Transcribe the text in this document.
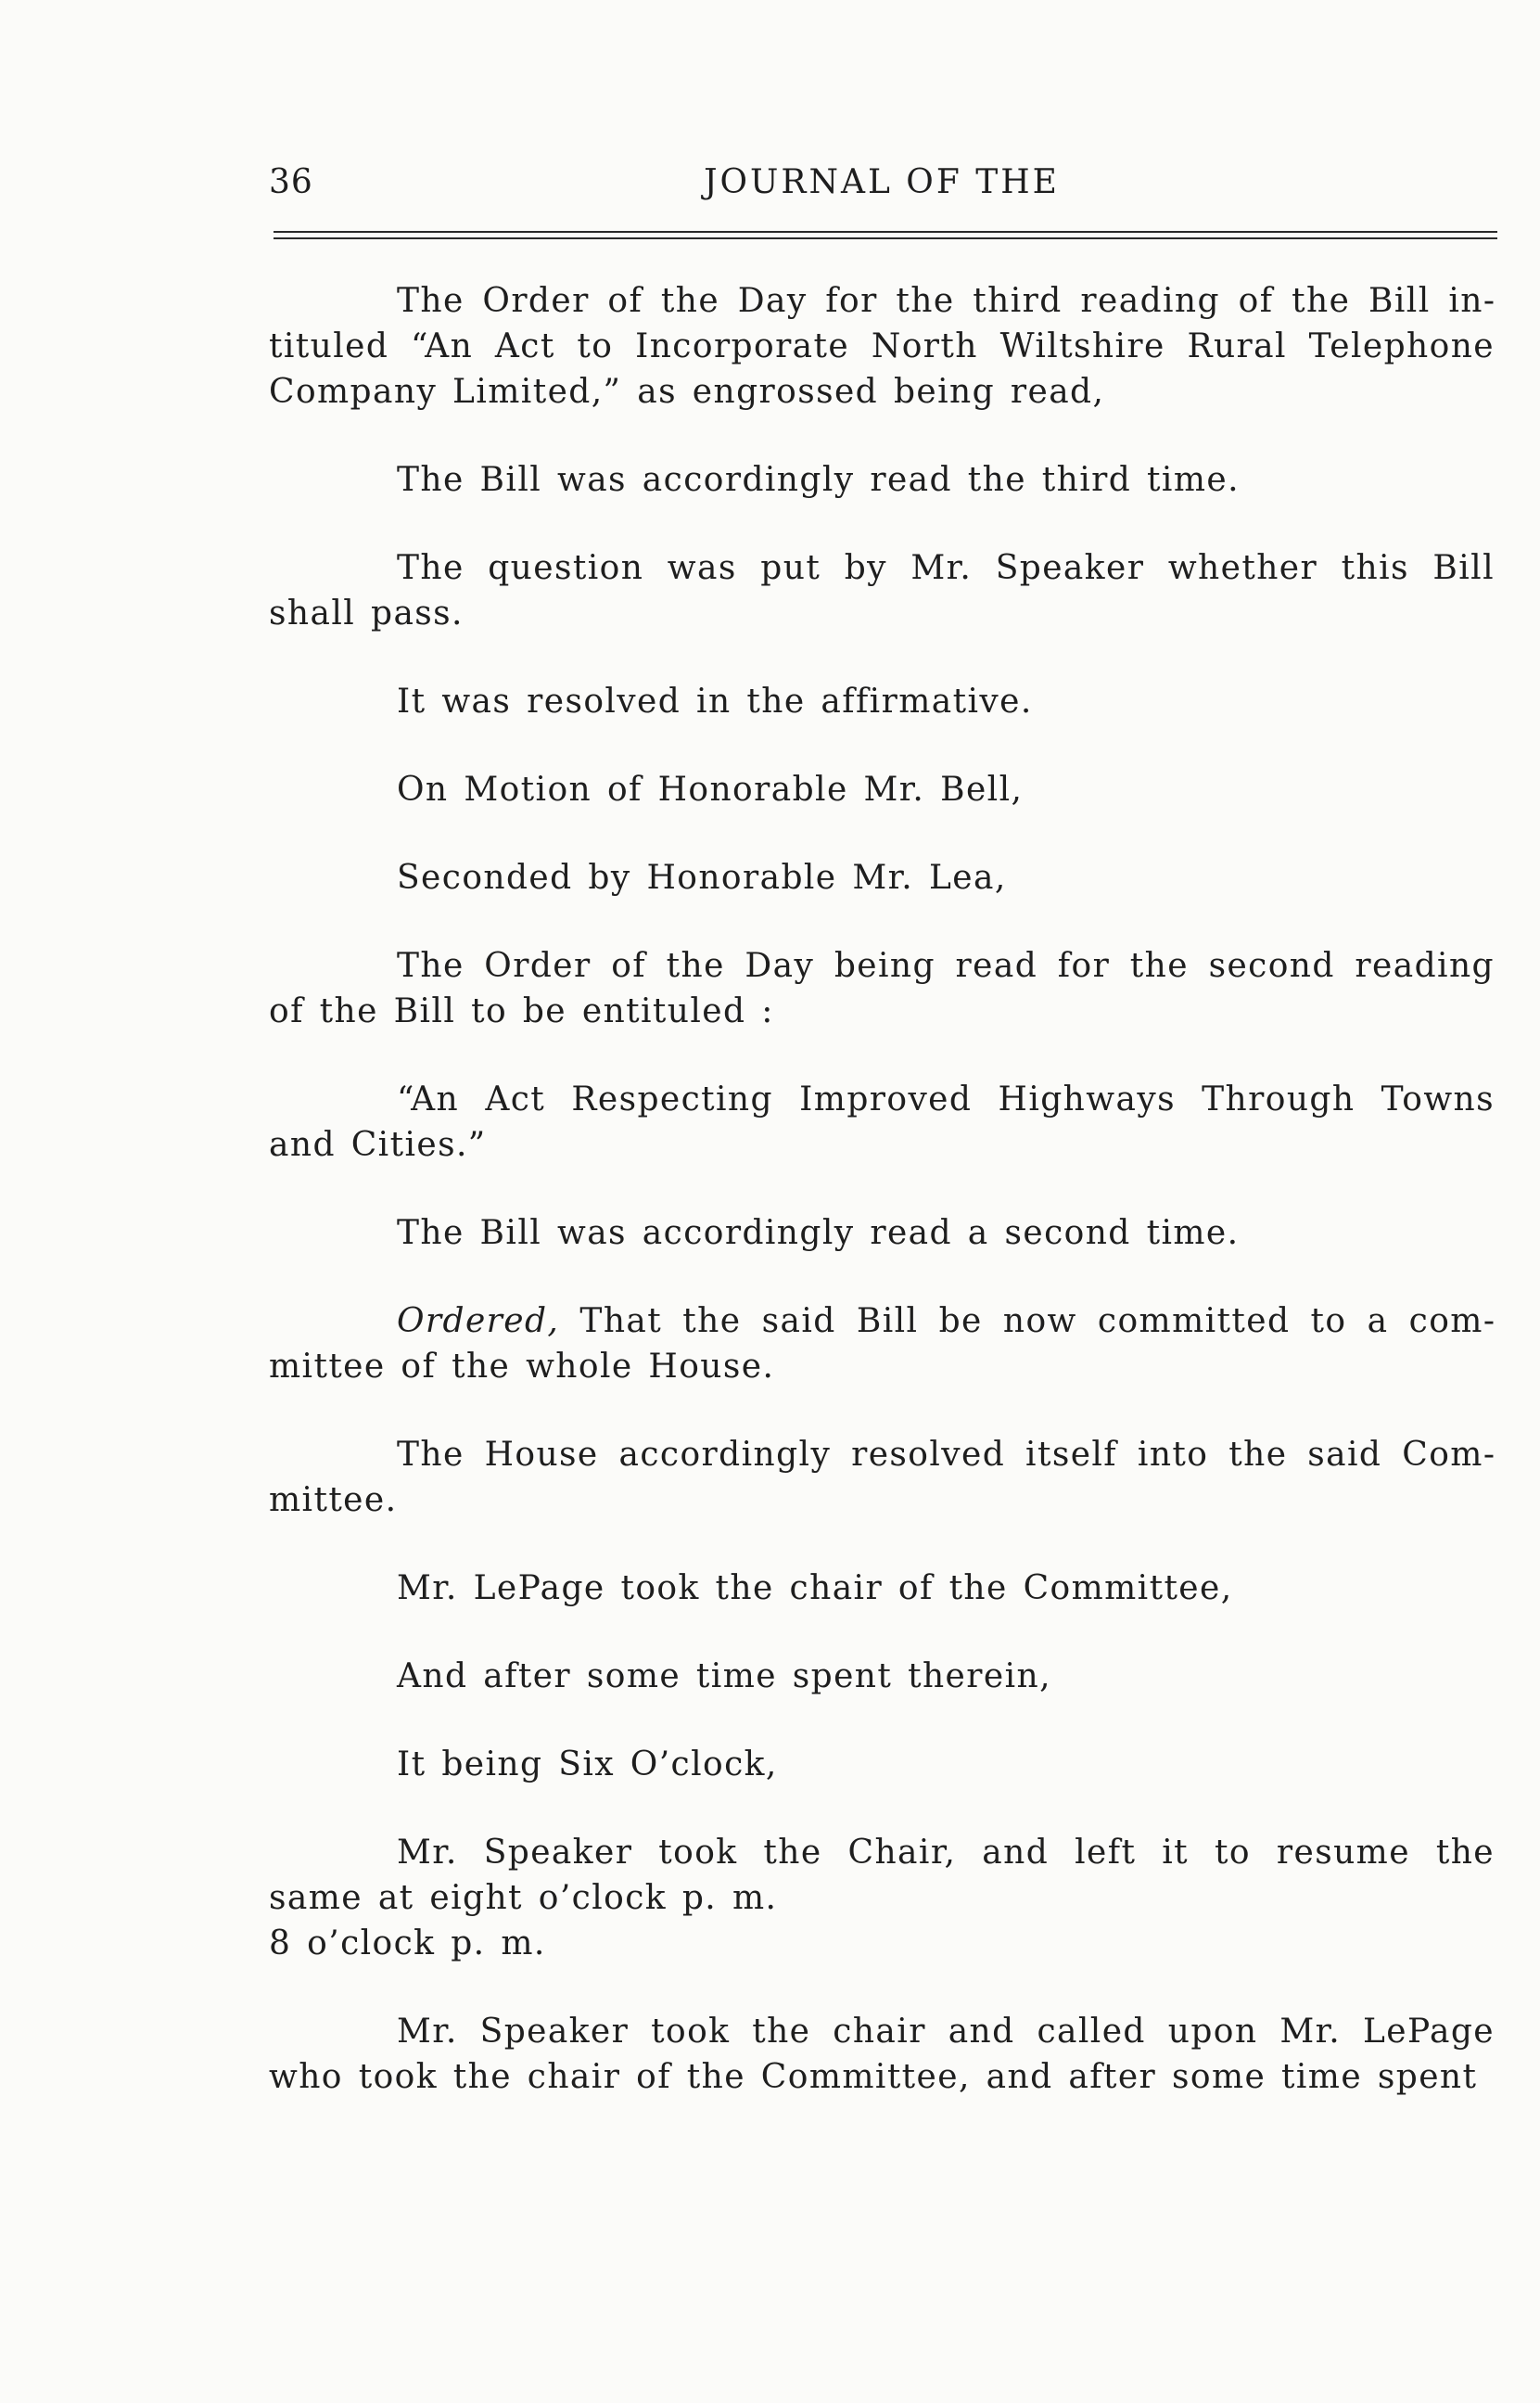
36	JOURNAL OF THE

The Order of the Day for the third reading of the Bill intituled “An Act to Incorporate North Wiltshire Rural Telephone Company Limited,” as engrossed being read,

The Bill was accordingly read the third time.

The question was put by Mr. Speaker whether this Bill shall pass.

It was resolved in the affirmative.

On Motion of Honorable Mr. Bell,

Seconded by Honorable Mr. Lea,

The Order of the Day being read for the second reading of the Bill to be entituled :

“An Act Respecting Improved Highways Through Towns and Cities.”

The Bill was accordingly read a second time.

Ordered, That the said Bill be now committed to a committee of the whole House.

The House accordingly resolved itself into the said Committee.

Mr. LePage took the chair of the Committee,

And after some time spent therein,

It being Six O’clock,

Mr. Speaker took the Chair, and left it to resume the same at eight o’clock p. m.

8 o’clock p. m.

Mr. Speaker took the chair and called upon Mr. LePage who took the chair of the Committee, and after some time spent
